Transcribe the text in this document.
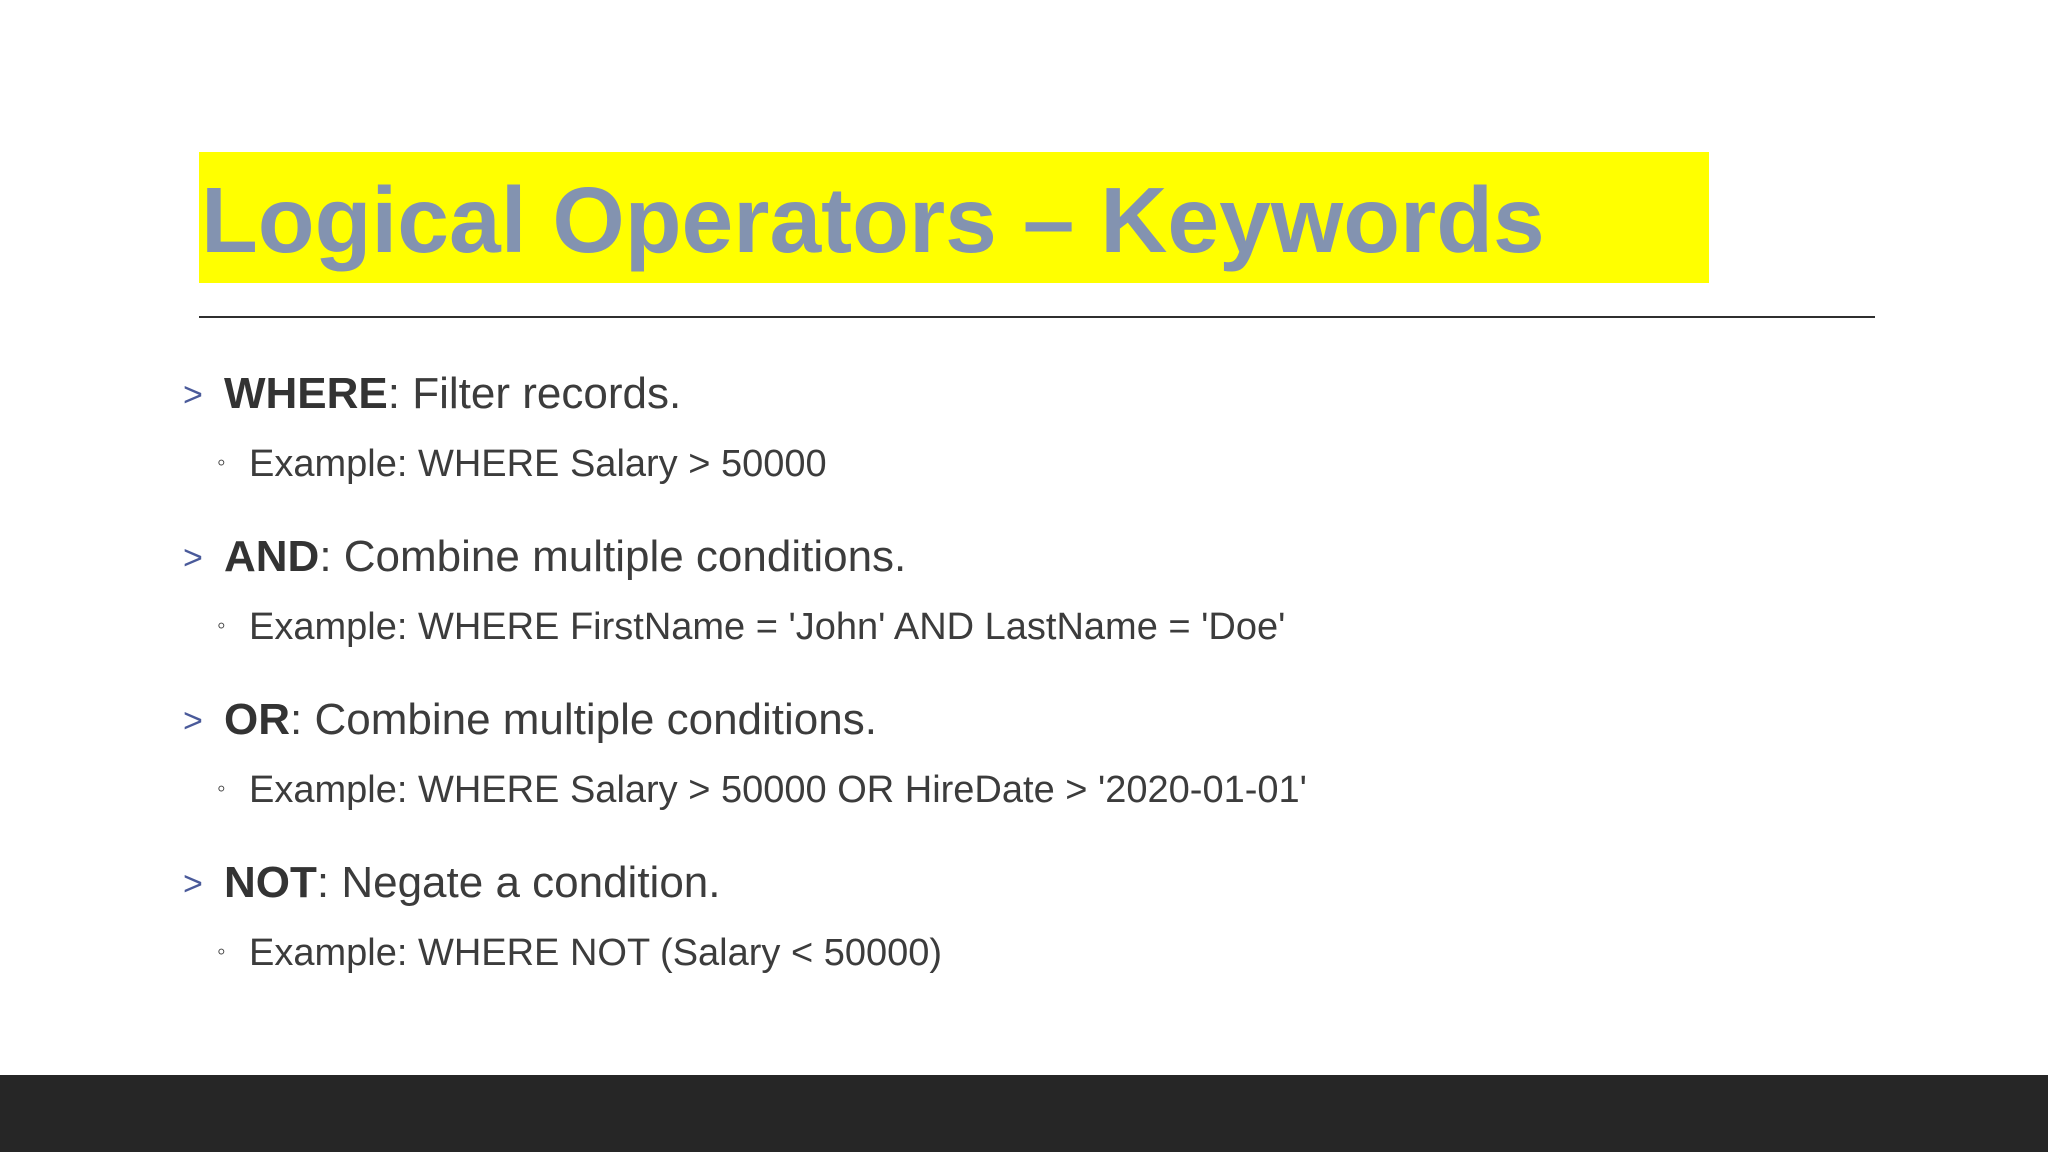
Logical Operators – Keywords
> WHERE: Filter records.
◦ Example: WHERE Salary > 50000
> AND: Combine multiple conditions.
◦ Example: WHERE FirstName = 'John' AND LastName = 'Doe'
> OR: Combine multiple conditions.
◦ Example: WHERE Salary > 50000 OR HireDate > '2020-01-01'
> NOT: Negate a condition.
◦ Example: WHERE NOT (Salary < 50000)
